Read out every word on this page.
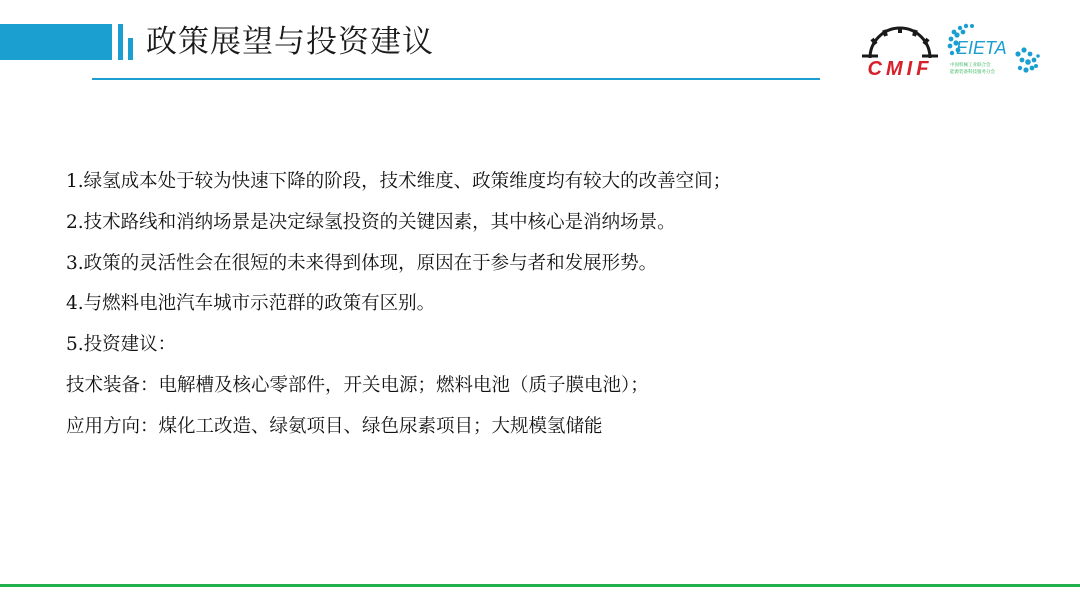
政策展望与投资建议
CMIF
EIETA
中国机械工业联合会
能源装备科技服务分会
1.绿氢成本处于较为快速下降的阶段，技术维度、政策维度均有较大的改善空间；
2.技术路线和消纳场景是决定绿氢投资的关键因素，其中核心是消纳场景。
3.政策的灵活性会在很短的未来得到体现，原因在于参与者和发展形势。
4.与燃料电池汽车城市示范群的政策有区别。
5.投资建议：
技术装备：电解槽及核心零部件，开关电源；燃料电池（质子膜电池）；
应用方向：煤化工改造、绿氨项目、绿色尿素项目；大规模氢储能
